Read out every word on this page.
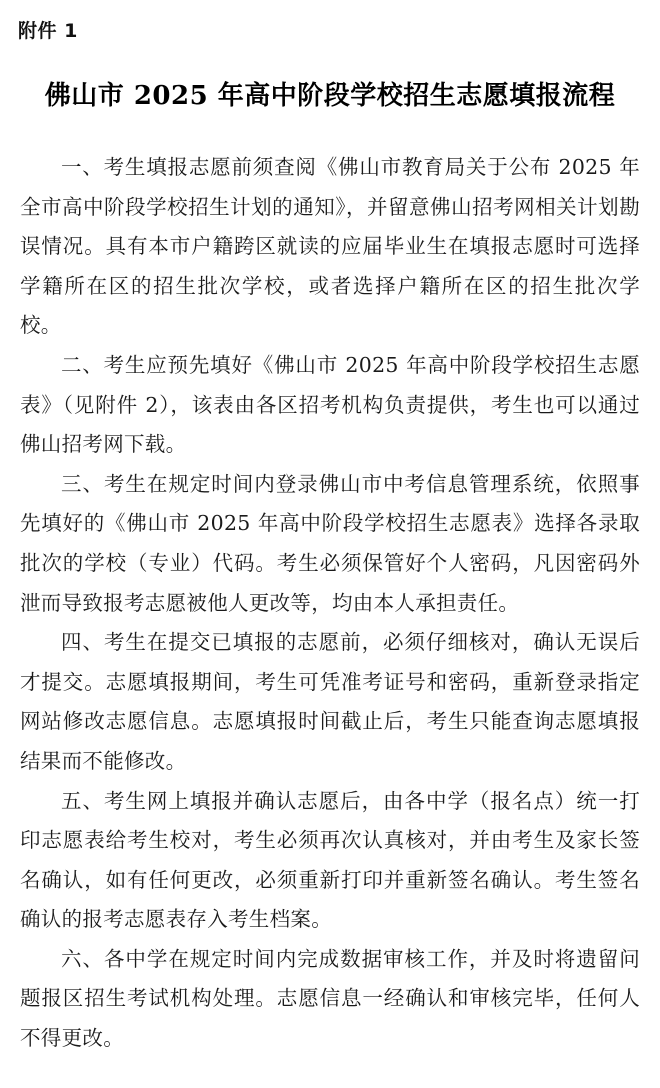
附件 1
佛山市 2025 年高中阶段学校招生志愿填报流程

一、考生填报志愿前须查阅《佛山市教育局关于公布 2025 年全市高中阶段学校招生计划的通知》，并留意佛山招考网相关计划勘误情况。具有本市户籍跨区就读的应届毕业生在填报志愿时可选择学籍所在区的招生批次学校，或者选择户籍所在区的招生批次学校。

二、考生应预先填好《佛山市 2025 年高中阶段学校招生志愿表》（见附件 2），该表由各区招考机构负责提供，考生也可以通过佛山招考网下载。

三、考生在规定时间内登录佛山市中考信息管理系统，依照事先填好的《佛山市 2025 年高中阶段学校招生志愿表》选择各录取批次的学校（专业）代码。考生必须保管好个人密码，凡因密码外泄而导致报考志愿被他人更改等，均由本人承担责任。

四、考生在提交已填报的志愿前，必须仔细核对，确认无误后才提交。志愿填报期间，考生可凭准考证号和密码，重新登录指定网站修改志愿信息。志愿填报时间截止后，考生只能查询志愿填报结果而不能修改。

五、考生网上填报并确认志愿后，由各中学（报名点）统一打印志愿表给考生校对，考生必须再次认真核对，并由考生及家长签名确认，如有任何更改，必须重新打印并重新签名确认。考生签名确认的报考志愿表存入考生档案。

六、各中学在规定时间内完成数据审核工作，并及时将遗留问题报区招生考试机构处理。志愿信息一经确认和审核完毕，任何人不得更改。
